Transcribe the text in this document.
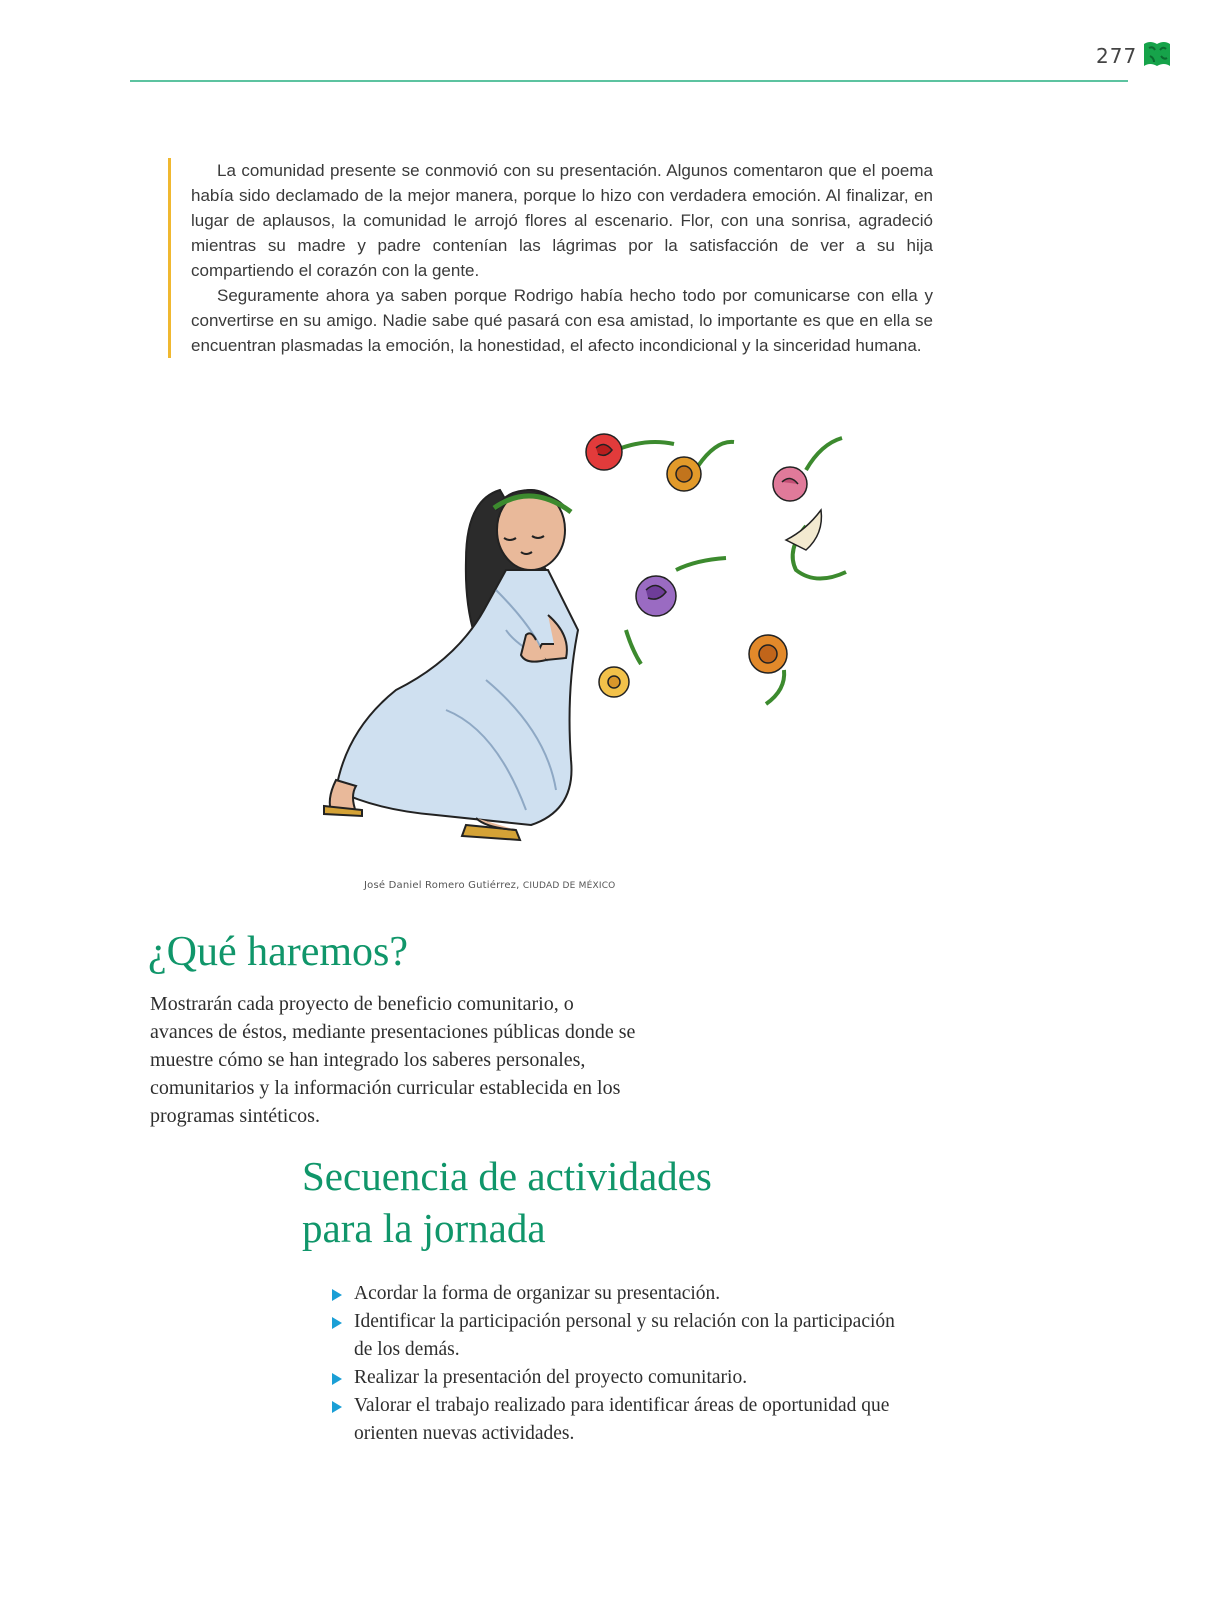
277

La comunidad presente se conmovió con su presentación. Algunos comentaron que el poema había sido declamado de la mejor manera, porque lo hizo con verdadera emoción. Al finalizar, en lugar de aplausos, la comunidad le arrojó flores al escenario. Flor, con una sonrisa, agradeció mientras su madre y padre contenían las lágrimas por la satisfacción de ver a su hija compartiendo el corazón con la gente.

Seguramente ahora ya saben porque Rodrigo había hecho todo por comunicarse con ella y convertirse en su amigo. Nadie sabe qué pasará con esa amistad, lo importante es que en ella se encuentran plasmadas la emoción, la honestidad, el afecto incondicional y la sinceridad humana.

José Daniel Romero Gutiérrez, CIUDAD DE MÉXICO
¿Qué haremos?

Mostrarán cada proyecto de beneficio comunitario, o avances de éstos, mediante presentaciones públicas donde se muestre cómo se han integrado los saberes personales, comunitarios y la información curricular establecida en los programas sintéticos.

Secuencia de actividades
para la jornada
Acordar la forma de organizar su presentación.
Identificar la participación personal y su relación con la participación de los demás.
Realizar la presentación del proyecto comunitario.
Valorar el trabajo realizado para identificar áreas de oportunidad que orienten nuevas actividades.
